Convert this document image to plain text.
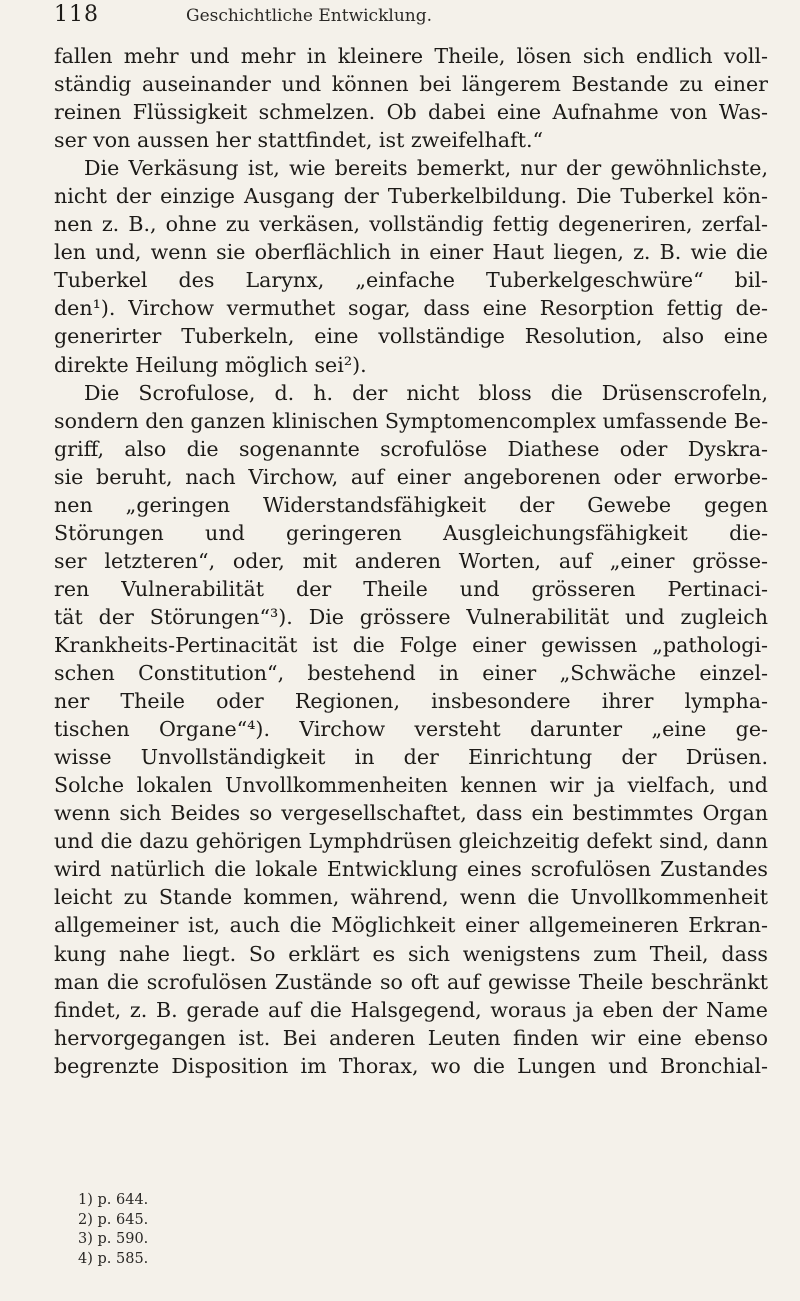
118	Geschichtliche Entwicklung.
fallen mehr und mehr in kleinere Theile, lösen sich endlich voll-
ständig auseinander und können bei längerem Bestande zu einer
reinen Flüssigkeit schmelzen. Ob dabei eine Aufnahme von Was-
ser von aussen her stattfindet, ist zweifelhaft.“
Die Verkäsung ist, wie bereits bemerkt, nur der gewöhnlichste,
nicht der einzige Ausgang der Tuberkelbildung. Die Tuberkel kön-
nen z. B., ohne zu verkäsen, vollständig fettig degeneriren, zerfal-
len und, wenn sie oberflächlich in einer Haut liegen, z. B. wie die
Tuberkel des Larynx, „einfache Tuberkelgeschwüre“ bil-
den¹). Virchow vermuthet sogar, dass eine Resorption fettig de-
generirter Tuberkeln, eine vollständige Resolution, also eine
direkte Heilung möglich sei²).
Die Scrofulose, d. h. der nicht bloss die Drüsenscrofeln,
sondern den ganzen klinischen Symptomencomplex umfassende Be-
griff, also die sogenannte scrofulöse Diathese oder Dyskra-
sie beruht, nach Virchow, auf einer angeborenen oder erworbe-
nen „geringen Widerstandsfähigkeit der Gewebe gegen
Störungen und geringeren Ausgleichungsfähigkeit die-
ser letzteren“, oder, mit anderen Worten, auf „einer grösse-
ren Vulnerabilität der Theile und grösseren Pertinaci-
tät der Störungen“³). Die grössere Vulnerabilität und zugleich
Krankheits-Pertinacität ist die Folge einer gewissen „pathologi-
schen Constitution“, bestehend in einer „Schwäche einzel-
ner Theile oder Regionen, insbesondere ihrer lympha-
tischen Organe“⁴). Virchow versteht darunter „eine ge-
wisse Unvollständigkeit in der Einrichtung der Drüsen.
Solche lokalen Unvollkommenheiten kennen wir ja vielfach, und
wenn sich Beides so vergesellschaftet, dass ein bestimmtes Organ
und die dazu gehörigen Lymphdrüsen gleichzeitig defekt sind, dann
wird natürlich die lokale Entwicklung eines scrofulösen Zustandes
leicht zu Stande kommen, während, wenn die Unvollkommenheit
allgemeiner ist, auch die Möglichkeit einer allgemeineren Erkran-
kung nahe liegt. So erklärt es sich wenigstens zum Theil, dass
man die scrofulösen Zustände so oft auf gewisse Theile beschränkt
findet, z. B. gerade auf die Halsgegend, woraus ja eben der Name
hervorgegangen ist. Bei anderen Leuten finden wir eine ebenso
begrenzte Disposition im Thorax, wo die Lungen und Bronchial-
1) p. 644.
2) p. 645.
3) p. 590.
4) p. 585.
